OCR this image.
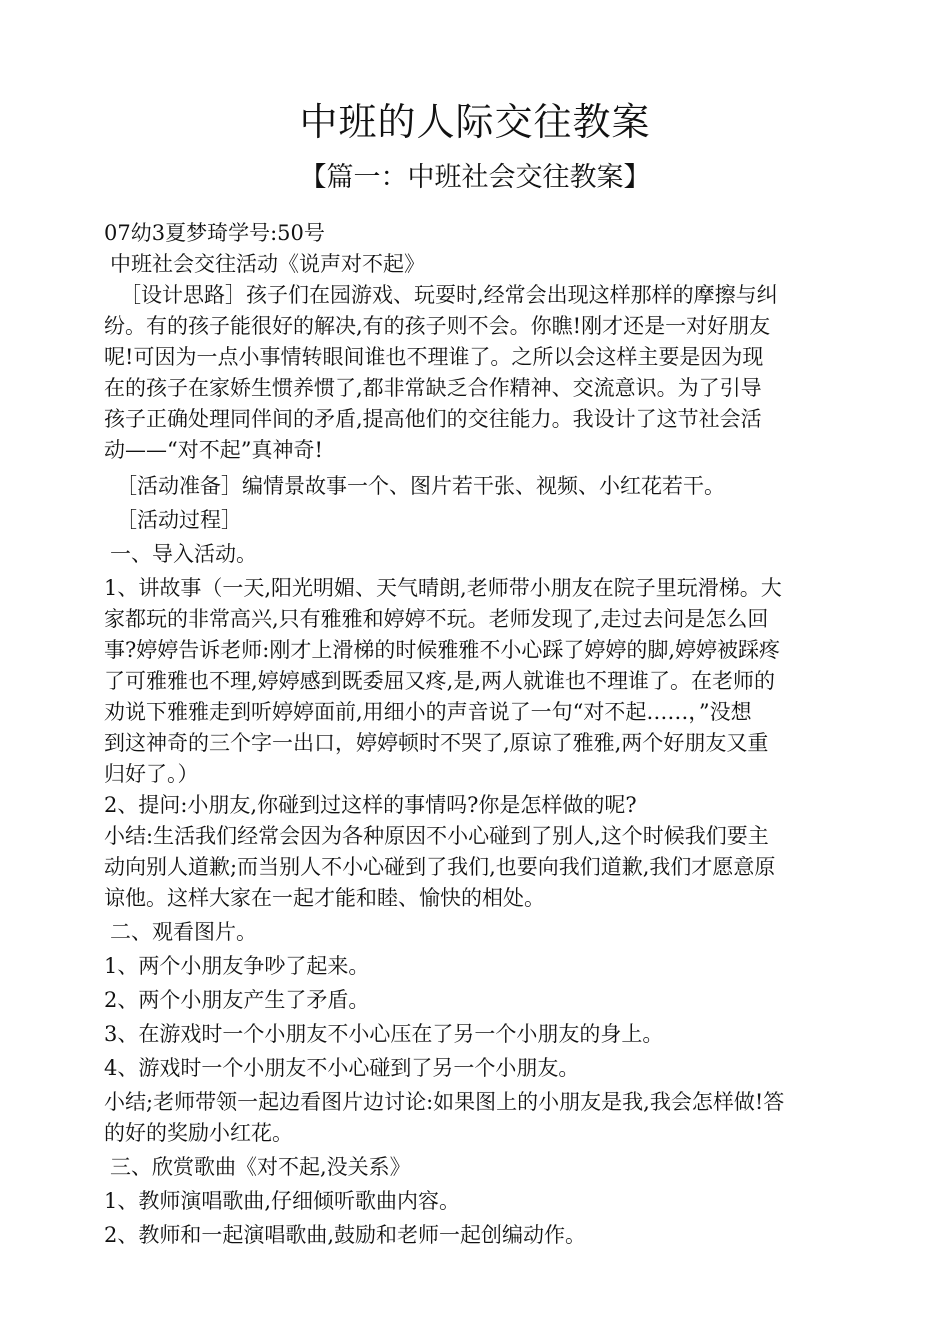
中班的人际交往教案
【篇一：中班社会交往教案】
07幼3夏梦琦学号:50号
中班社会交往活动《说声对不起》
［设计思路］孩子们在园游戏、玩耍时,经常会出现这样那样的摩擦与纠
纷。有的孩子能很好的解决,有的孩子则不会。你瞧!刚才还是一对好朋友
呢!可因为一点小事情转眼间谁也不理谁了。之所以会这样主要是因为现
在的孩子在家娇生惯养惯了,都非常缺乏合作精神、交流意识。为了引导
孩子正确处理同伴间的矛盾,提高他们的交往能力。我设计了这节社会活
动——“对不起”真神奇!
［活动准备］编情景故事一个、图片若干张、视频、小红花若干。
［活动过程］
一、导入活动。
1、讲故事（一天,阳光明媚、天气晴朗,老师带小朋友在院子里玩滑梯。大
家都玩的非常高兴,只有雅雅和婷婷不玩。老师发现了,走过去问是怎么回
事?婷婷告诉老师:刚才上滑梯的时候雅雅不小心踩了婷婷的脚,婷婷被踩疼
了可雅雅也不理,婷婷感到既委屈又疼,是,两人就谁也不理谁了。在老师的
劝说下雅雅走到听婷婷面前,用细小的声音说了一句“对不起……，”没想
到这神奇的三个字一出口，婷婷顿时不哭了,原谅了雅雅,两个好朋友又重
归好了。）
2、提问:小朋友,你碰到过这样的事情吗?你是怎样做的呢?
小结:生活我们经常会因为各种原因不小心碰到了别人,这个时候我们要主
动向别人道歉;而当别人不小心碰到了我们,也要向我们道歉,我们才愿意原
谅他。这样大家在一起才能和睦、愉快的相处。
二、观看图片。
1、两个小朋友争吵了起来。
2、两个小朋友产生了矛盾。
3、在游戏时一个小朋友不小心压在了另一个小朋友的身上。
4、游戏时一个小朋友不小心碰到了另一个小朋友。
小结;老师带领一起边看图片边讨论:如果图上的小朋友是我,我会怎样做!答
的好的奖励小红花。
三、欣赏歌曲《对不起,没关系》
1、教师演唱歌曲,仔细倾听歌曲内容。
2、教师和一起演唱歌曲,鼓励和老师一起创编动作。
